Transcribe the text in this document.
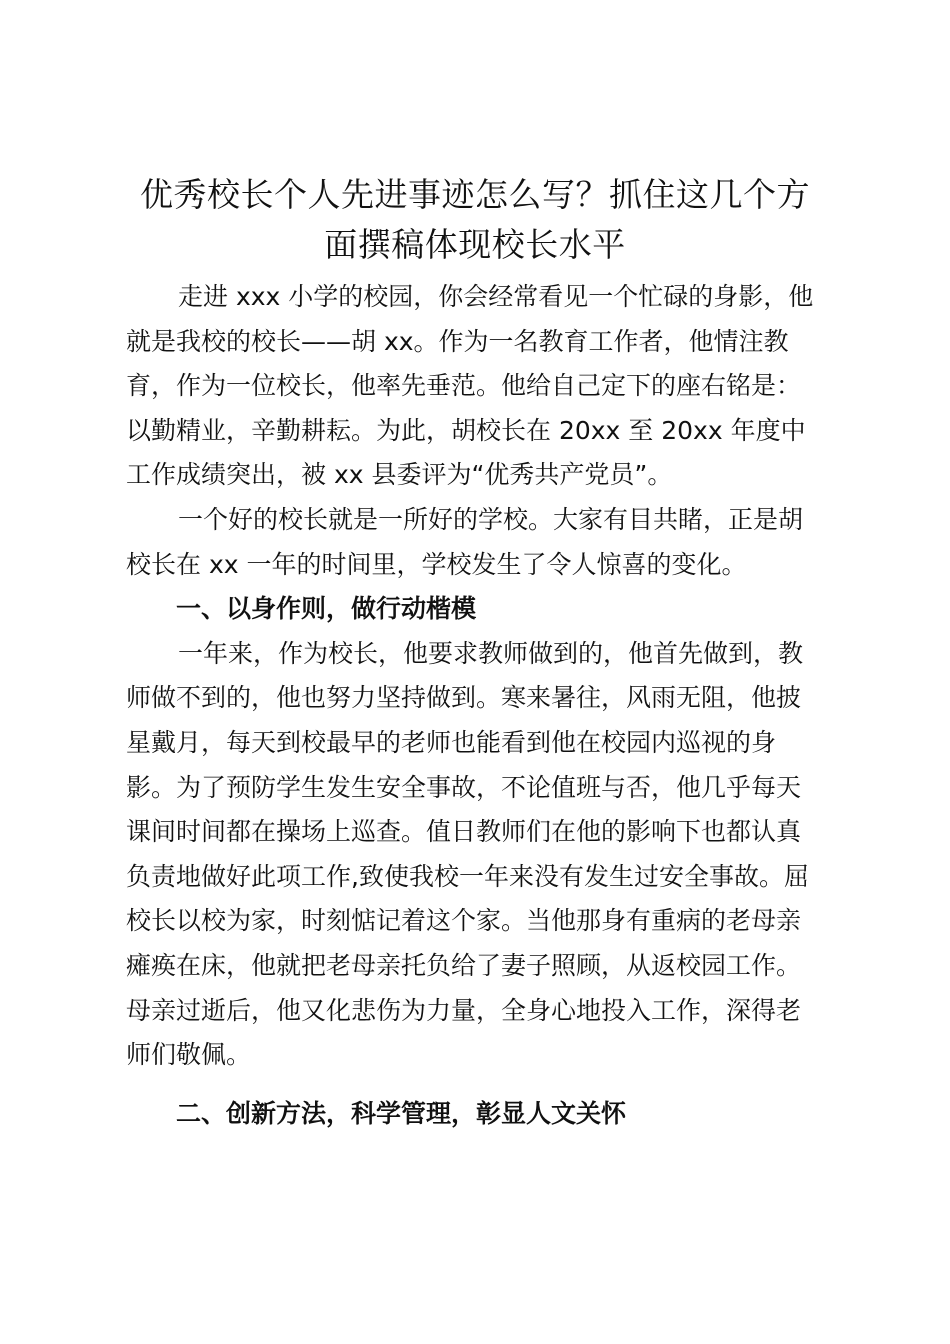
优秀校长个人先进事迹怎么写？抓住这几个方
面撰稿体现校长水平
走进 xxx 小学的校园，你会经常看见一个忙碌的身影，他
就是我校的校长——胡 xx。作为一名教育工作者，他情注教
育，作为一位校长，他率先垂范。他给自己定下的座右铭是：
以勤精业，辛勤耕耘。为此，胡校长在 20xx 至 20xx 年度中
工作成绩突出，被 xx 县委评为“优秀共产党员”。
一个好的校长就是一所好的学校。大家有目共睹，正是胡
校长在 xx 一年的时间里，学校发生了令人惊喜的变化。
一、以身作则，做行动楷模
一年来，作为校长，他要求教师做到的，他首先做到，教
师做不到的，他也努力坚持做到。寒来暑往，风雨无阻，他披
星戴月，每天到校最早的老师也能看到他在校园内巡视的身
影。为了预防学生发生安全事故，不论值班与否，他几乎每天
课间时间都在操场上巡查。值日教师们在他的影响下也都认真
负责地做好此项工作,致使我校一年来没有发生过安全事故。屈
校长以校为家，时刻惦记着这个家。当他那身有重病的老母亲
瘫痪在床，他就把老母亲托负给了妻子照顾，从返校园工作。
母亲过逝后，他又化悲伤为力量，全身心地投入工作，深得老
师们敬佩。
二、创新方法，科学管理，彰显人文关怀
